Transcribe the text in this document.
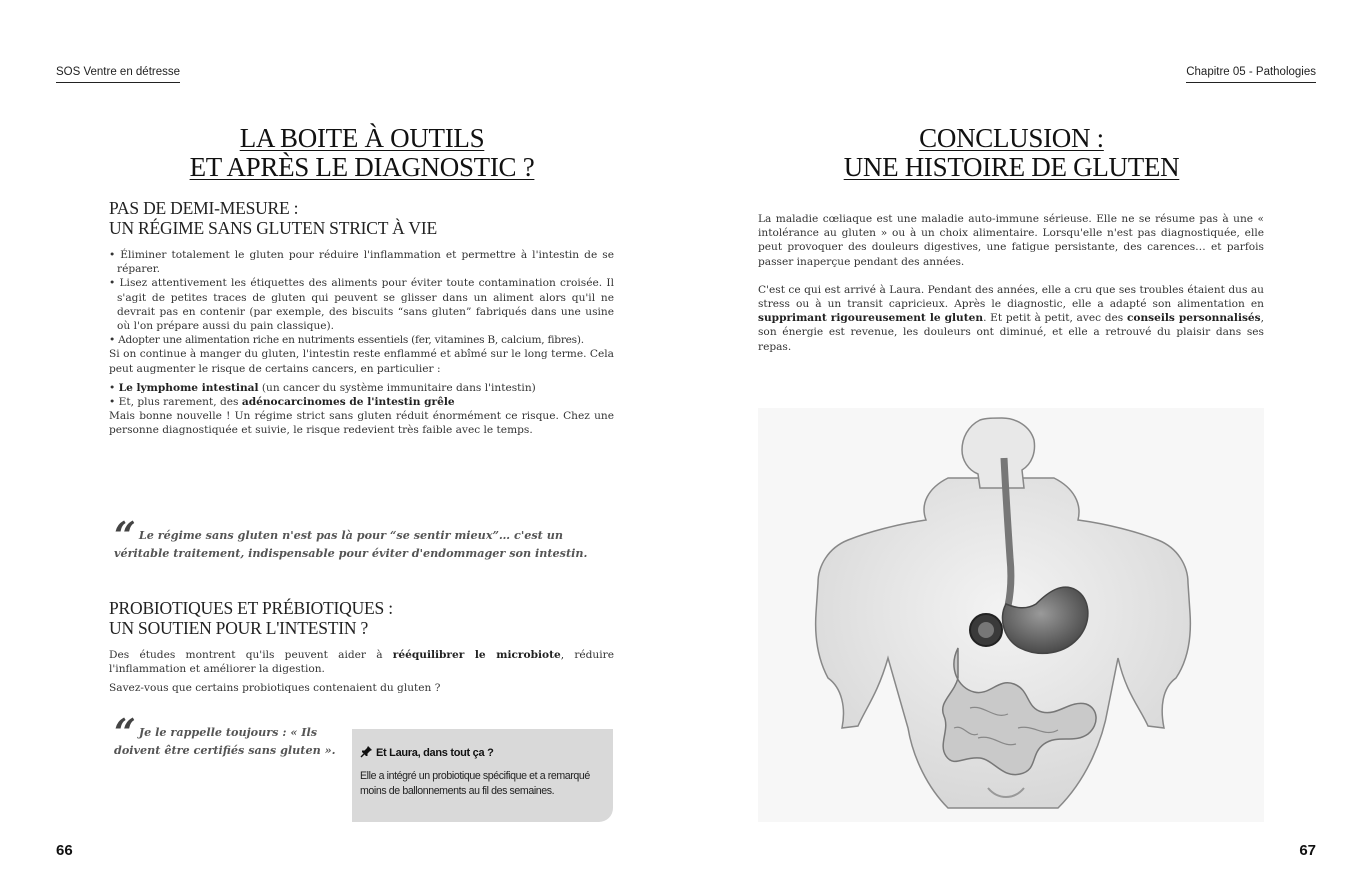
SOS Ventre en détresse
LA BOITE À OUTILS
ET APRÈS LE DIAGNOSTIC ?
PAS DE DEMI-MESURE :
UN RÉGIME SANS GLUTEN STRICT À VIE

• Éliminer totalement le gluten pour réduire l'inflammation et permettre à l'intestin de se réparer.

• Lisez attentivement les étiquettes des aliments pour éviter toute contamination croisée. Il s'agit de petites traces de gluten qui peuvent se glisser dans un aliment alors qu'il ne devrait pas en contenir (par exemple, des biscuits “sans gluten” fabriqués dans une usine où l'on prépare aussi du pain classique).

• Adopter une alimentation riche en nutriments essentiels (fer, vitamines B, calcium, fibres).

Si on continue à manger du gluten, l'intestin reste enflammé et abîmé sur le long terme. Cela peut augmenter le risque de certains cancers, en particulier :

• Le lymphome intestinal (un cancer du système immunitaire dans l'intestin)

• Et, plus rarement, des adénocarcinomes de l'intestin grêle

Mais bonne nouvelle ! Un régime strict sans gluten réduit énormément ce risque. Chez une personne diagnostiquée et suivie, le risque redevient très faible avec le temps.

“ Le régime sans gluten n'est pas là pour “se sentir mieux”… c'est un véritable traitement, indispensable pour éviter d'endommager son intestin.
PROBIOTIQUES ET PRÉBIOTIQUES :
UN SOUTIEN POUR L'INTESTIN ?

Des études montrent qu'ils peuvent aider à rééquilibrer le microbiote, réduire l'inflammation et améliorer la digestion.

Savez-vous que certains probiotiques contenaient du gluten ?

“ Je le rappelle toujours : « Ils doivent être certifiés sans gluten ».	Et Laura, dans tout ça ?
Elle a intégré un probiotique spécifique et a remarqué moins de ballonnements au fil des semaines.
66
Chapitre 05 - Pathologies
CONCLUSION :
UNE HISTOIRE DE GLUTEN

La maladie cœliaque est une maladie auto-immune sérieuse. Elle ne se résume pas à une « intolérance au gluten » ou à un choix alimentaire. Lorsqu'elle n'est pas diagnostiquée, elle peut provoquer des douleurs digestives, une fatigue persistante, des carences… et parfois passer inaperçue pendant des années.

C'est ce qui est arrivé à Laura. Pendant des années, elle a cru que ses troubles étaient dus au stress ou à un transit capricieux. Après le diagnostic, elle a adapté son alimentation en supprimant rigoureusement le gluten. Et petit à petit, avec des conseils personnalisés, son énergie est revenue, les douleurs ont diminué, et elle a retrouvé du plaisir dans ses repas.

67
